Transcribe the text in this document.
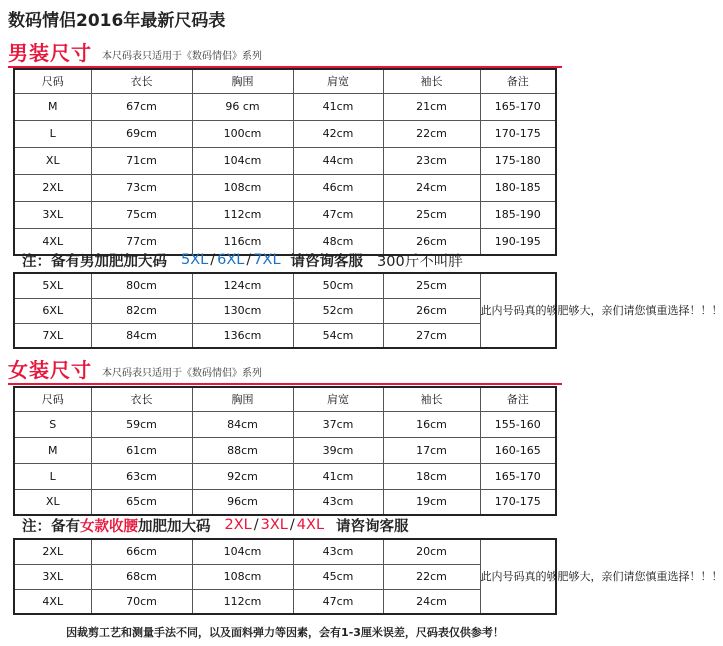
数码情侣2016年最新尺码表
男装尺寸 本尺码表只适用于《数码情侣》系列
尺码	衣长	胸围	肩宽	袖长	备注
M	67cm	96 cm	41cm	21cm	165-170
L	69cm	100cm	42cm	22cm	170-175
XL	71cm	104cm	44cm	23cm	175-180
2XL	73cm	108cm	46cm	24cm	180-185
3XL	75cm	112cm	47cm	25cm	185-190
4XL	77cm	116cm	48cm	26cm	190-195
注：备有男加肥加大码 5XL / 6XL / 7XL 请咨询客服 300斤不叫胖
5XL	80cm	124cm	50cm	25cm	此内号码真的够肥够大，亲们请您慎重选择！！！
6XL	82cm	130cm	52cm	26cm	
7XL	84cm	136cm	54cm	27cm	
女装尺寸 本尺码表只适用于《数码情侣》系列
尺码	衣长	胸围	肩宽	袖长	备注
S	59cm	84cm	37cm	16cm	155-160
M	61cm	88cm	39cm	17cm	160-165
L	63cm	92cm	41cm	18cm	165-170
XL	65cm	96cm	43cm	19cm	170-175
注：备有 女款收腰 加肥加大码 2XL / 3XL / 4XL 请咨询客服
2XL	66cm	104cm	43cm	20cm	此内号码真的够肥够大，亲们请您慎重选择！！！
3XL	68cm	108cm	45cm	22cm	
4XL	70cm	112cm	47cm	24cm	
因裁剪工艺和测量手法不同，以及面料弹力等因素，会有1-3厘米误差，尺码表仅供参考！
